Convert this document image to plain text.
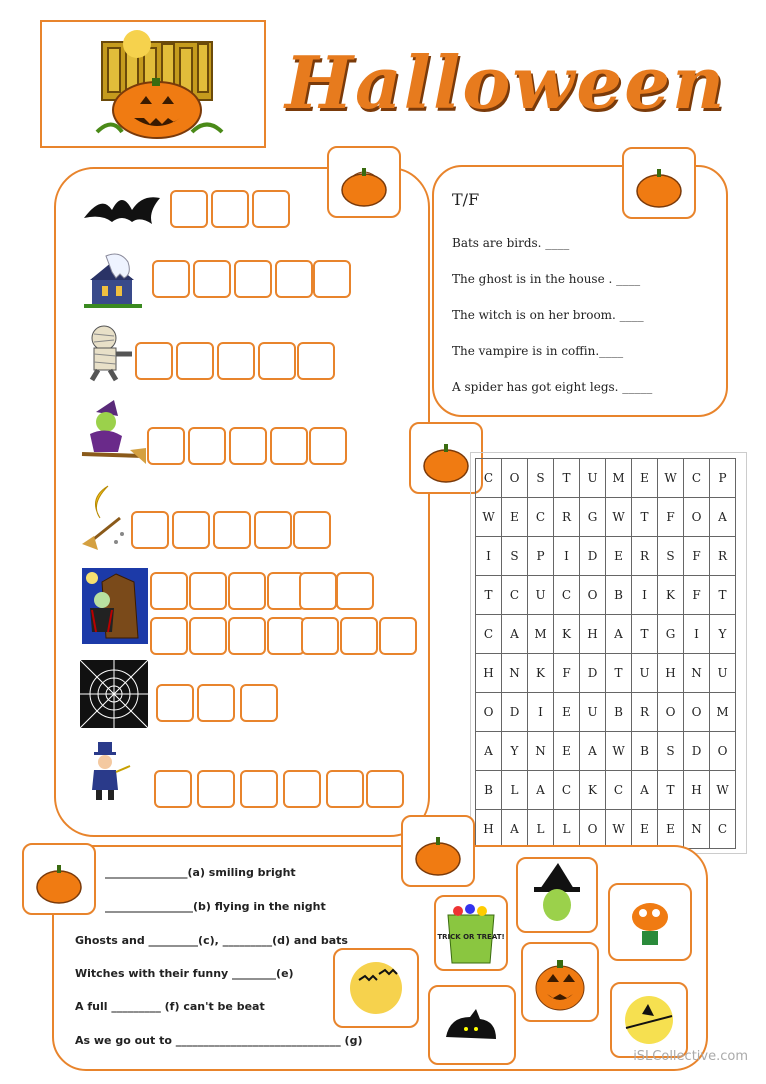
Halloween
T/F
Bats are birds. ____
The ghost is in the house . ____
The witch is on her broom. ____
The vampire is in coffin.____
A spider has got eight legs. _____
C	O	S	T	U	M	E	W	C	P
W	E	C	R	G	W	T	F	O	A
I	S	P	I	D	E	R	S	F	R
T	C	U	C	O	B	I	K	F	T
C	A	M	K	H	A	T	G	I	Y
H	N	K	F	D	T	U	H	N	U
O	D	I	E	U	B	R	O	O	M
A	Y	N	E	A	W	B	S	D	O
B	L	A	C	K	C	A	T	H	W
H	A	L	L	O	W	E	E	N	C
_______________(a) smiling bright
________________(b) flying in the night
Ghosts and _________(c), _________(d) and bats
Witches with their funny ________(e)
A full _________ (f) can't be beat
As we go out to ______________________________ (g)
TRICK OR TREAT!
iSLCollective.com
